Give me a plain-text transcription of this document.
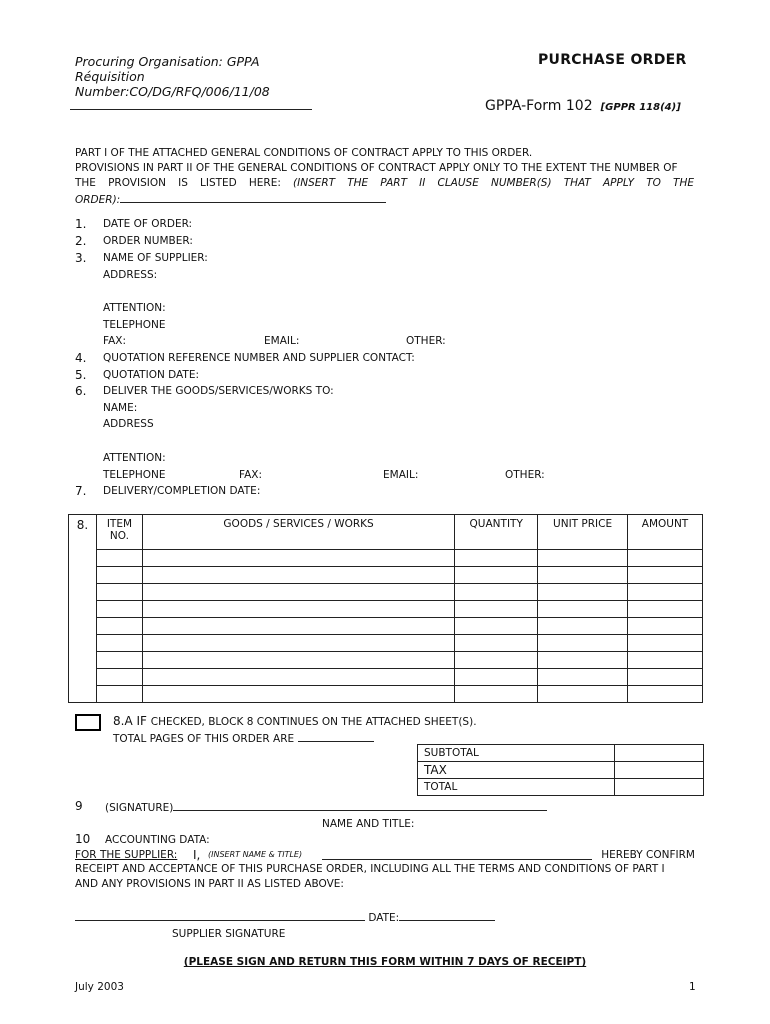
Procuring Organisation: GPPA
Réquisition
Number:CO/DG/RFQ/006/11/08
PURCHASE ORDER
GPPA-Form 102 [GPPR 118(4)]
PART I OF THE ATTACHED GENERAL CONDITIONS OF CONTRACT APPLY TO THIS ORDER.
PROVISIONS IN PART II OF THE GENERAL CONDITIONS OF CONTRACT APPLY ONLY TO THE EXTENT THE NUMBER OF
THE PROVISION IS LISTED HERE: (INSERT THE PART II CLAUSE NUMBER(S) THAT APPLY TO THE
ORDER):
1. DATE OF ORDER:
2. ORDER NUMBER:
3. NAME OF SUPPLIER:
ADDRESS:
ATTENTION:
TELEPHONE
FAX:	EMAIL:	OTHER:
4. QUOTATION REFERENCE NUMBER AND SUPPLIER CONTACT:
5. QUOTATION DATE:
6. DELIVER THE GOODS/SERVICES/WORKS TO:
NAME:
ADDRESS
ATTENTION:
TELEPHONE	FAX:	EMAIL:	OTHER:
7. DELIVERY/COMPLETION DATE:
8.	ITEM
NO.	GOODS / SERVICES / WORKS	QUANTITY	UNIT PRICE	AMOUNT

8.A IF CHECKED, BLOCK 8 CONTINUES ON THE ATTACHED SHEET(S).
TOTAL PAGES OF THIS ORDER ARE
SUBTOTAL	
TAX	
TOTAL	
9 (SIGNATURE)
NAME AND TITLE:
10 ACCOUNTING DATA:
FOR THE SUPPLIER: I, (INSERT NAME & TITLE)	HEREBY CONFIRM
RECEIPT AND ACCEPTANCE OF THIS PURCHASE ORDER, INCLUDING ALL THE TERMS AND CONDITIONS OF PART I
AND ANY PROVISIONS IN PART II AS LISTED ABOVE:
DATE:
SUPPLIER SIGNATURE
(PLEASE SIGN AND RETURN THIS FORM WITHIN 7 DAYS OF RECEIPT)
July 2003	1
